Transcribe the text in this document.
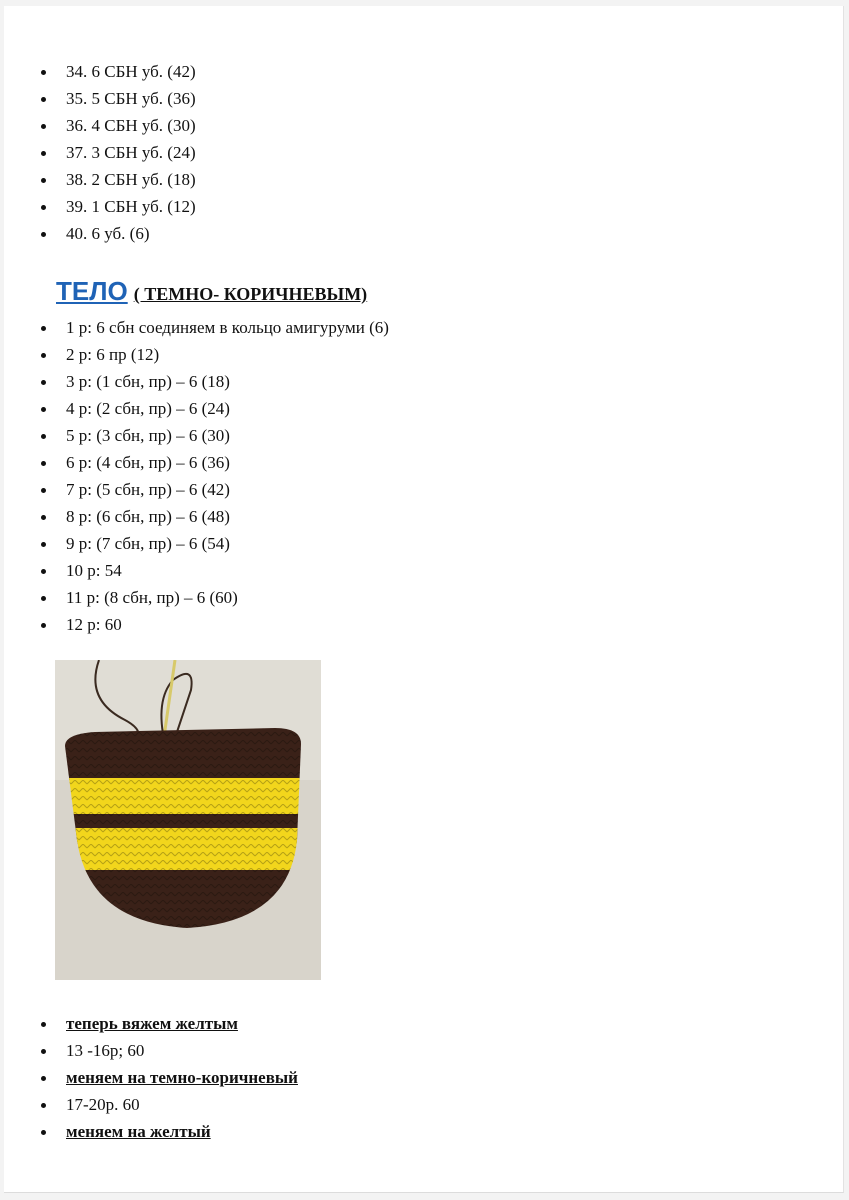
34. 6 СБН уб. (42)
35. 5 СБН уб. (36)
36. 4 СБН уб. (30)
37. 3 СБН уб. (24)
38. 2 СБН уб. (18)
39. 1 СБН уб. (12)
40. 6 уб. (6)
ТЕЛО ( ТЕМНО- КОРИЧНЕВЫМ)
1 р: 6 сбн соединяем в кольцо амигуруми (6)
2 р: 6 пр (12)
3 р: (1 сбн, пр) – 6 (18)
4 р: (2 сбн, пр) – 6 (24)
5 р: (3 сбн, пр) – 6 (30)
6 р: (4 сбн, пр) – 6 (36)
7 р: (5 сбн, пр) – 6 (42)
8 р: (6 сбн, пр) – 6 (48)
9 р: (7 сбн, пр) – 6 (54)
10 р: 54
11 р: (8 сбн, пр) – 6 (60)
12 р: 60
теперь вяжем желтым
13 -16р; 60
меняем на темно-коричневый
17-20р. 60
меняем на желтый
